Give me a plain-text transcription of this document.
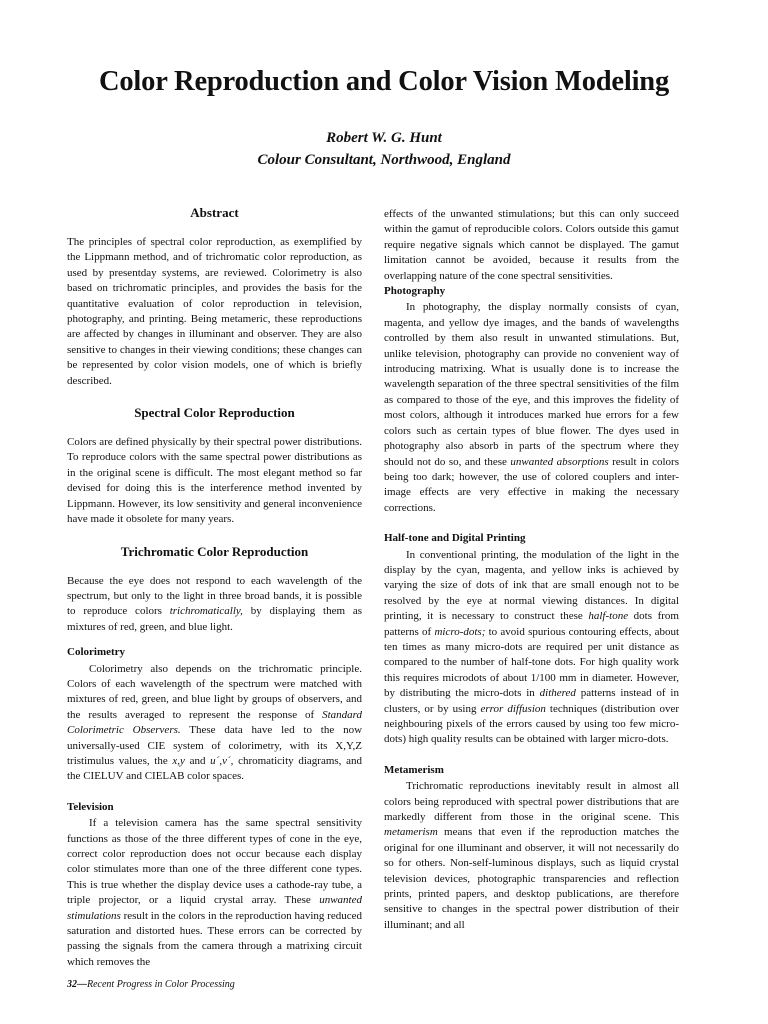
Color Reproduction and Color Vision Modeling
Robert W. G. Hunt
Colour Consultant, Northwood, England
Abstract

The principles of spectral color reproduction, as exemplified by the Lippmann method, and of trichromatic color reproduction, as used by presentday systems, are reviewed. Colorimetry is also based on trichromatic principles, and provides the basis for the quantitative evaluation of color reproduction in television, photography, and printing. Being metameric, these reproductions are affected by changes in illuminant and observer. They are also sensitive to changes in their viewing conditions; these changes can be represented by color vision models, one of which is briefly described.

Spectral Color Reproduction

Colors are defined physically by their spectral power distributions. To reproduce colors with the same spectral power distributions as in the original scene is difficult. The most elegant method so far devised for doing this is the interference method invented by Lippmann. However, its low sensitivity and general inconvenience have made it obsolete for many years.

Trichromatic Color Reproduction

Because the eye does not respond to each wavelength of the spectrum, but only to the light in three broad bands, it is possible to reproduce colors trichromatically, by displaying them as mixtures of red, green, and blue light.

Colorimetry

Colorimetry also depends on the trichromatic principle. Colors of each wavelength of the spectrum were matched with mixtures of red, green, and blue light by groups of observers, and the results averaged to represent the response of Standard Colorimetric Observers. These data have led to the now universally-used CIE system of colorimetry, with its X,Y,Z tristimulus values, the x,y and u´,v´, chromaticity diagrams, and the CIELUV and CIELAB color spaces.

Television

If a television camera has the same spectral sensitivity functions as those of the three different types of cone in the eye, correct color reproduction does not occur because each display color stimulates more than one of the three different cone types. This is true whether the display device uses a cathode-ray tube, a triple projector, or a liquid crystal array. These unwanted stimulations result in the colors in the reproduction having reduced saturation and distorted hues. These errors can be corrected by passing the signals from the camera through a matrixing circuit which removes the

effects of the unwanted stimulations; but this can only succeed within the gamut of reproducible colors. Colors outside this gamut require negative signals which cannot be displayed. The gamut limitation cannot be avoided, because it results from the overlapping nature of the cone spectral sensitivities.

Photography

In photography, the display normally consists of cyan, magenta, and yellow dye images, and the bands of wavelengths controlled by them also result in unwanted stimulations. But, unlike television, photography can provide no convenient way of introducing matrixing. What is usually done is to increase the wavelength separation of the three spectral sensitivities of the film as compared to those of the eye, and this improves the fidelity of most colors, although it introduces marked hue errors for a few colors such as certain types of blue flower. The dyes used in photography also absorb in parts of the spectrum where they should not do so, and these unwanted absorptions result in colors being too dark; however, the use of colored couplers and inter-image effects are very effective in making the necessary corrections.

Half-tone and Digital Printing

In conventional printing, the modulation of the light in the display by the cyan, magenta, and yellow inks is achieved by varying the size of dots of ink that are small enough not to be resolved by the eye at normal viewing distances. In digital printing, it is necessary to construct these half-tone dots from patterns of micro-dots; to avoid spurious contouring effects, about ten times as many micro-dots are required per unit distance as compared to the number of half-tone dots. For high quality work this requires microdots of about 1/100 mm in diameter. However, by distributing the micro-dots in dithered patterns instead of in clusters, or by using error diffusion techniques (distribution over neighbouring pixels of the errors caused by using too few micro-dots) high quality results can be obtained with larger micro-dots.

Metamerism

Trichromatic reproductions inevitably result in almost all colors being reproduced with spectral power distributions that are markedly different from those in the original scene. This metamerism means that even if the reproduction matches the original for one illuminant and observer, it will not necessarily do so for others. Non-self-luminous displays, such as liquid crystal television devices, photographic transparencies and reflection prints, printed papers, and desktop publications, are therefore sensitive to changes in the spectral power distribution of their illuminant; and all

32—Recent Progress in Color Processing
